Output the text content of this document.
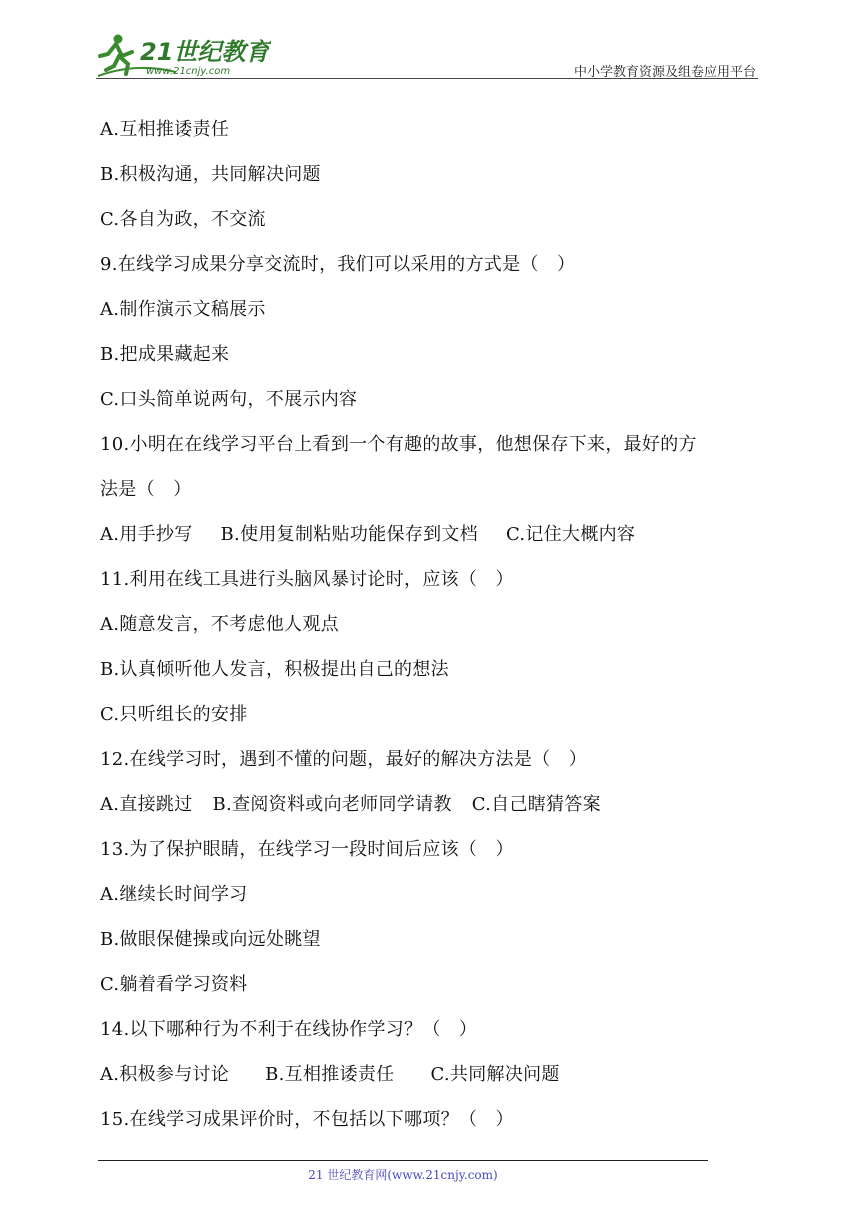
21世纪教育
www.21cnjy.com	中小学教育资源及组卷应用平台
A.互相推诿责任
B.积极沟通，共同解决问题
C.各自为政，不交流
9.在线学习成果分享交流时，我们可以采用的方式是（　）
A.制作演示文稿展示
B.把成果藏起来
C.口头简单说两句，不展示内容
10.小明在在线学习平台上看到一个有趣的故事，他想保存下来，最好的方
法是（　）
A.用手抄写 B.使用复制粘贴功能保存到文档 C.记住大概内容
11.利用在线工具进行头脑风暴讨论时，应该（　）
A.随意发言，不考虑他人观点
B.认真倾听他人发言，积极提出自己的想法
C.只听组长的安排
12.在线学习时，遇到不懂的问题，最好的解决方法是（　）
A.直接跳过 B.查阅资料或向老师同学请教 C.自己瞎猜答案
13.为了保护眼睛，在线学习一段时间后应该（　）
A.继续长时间学习
B.做眼保健操或向远处眺望
C.躺着看学习资料
14.以下哪种行为不利于在线协作学习？（　）
A.积极参与讨论 B.互相推诿责任 C.共同解决问题
15.在线学习成果评价时，不包括以下哪项？（　）
21 世纪教育网(www.21cnjy.com)
